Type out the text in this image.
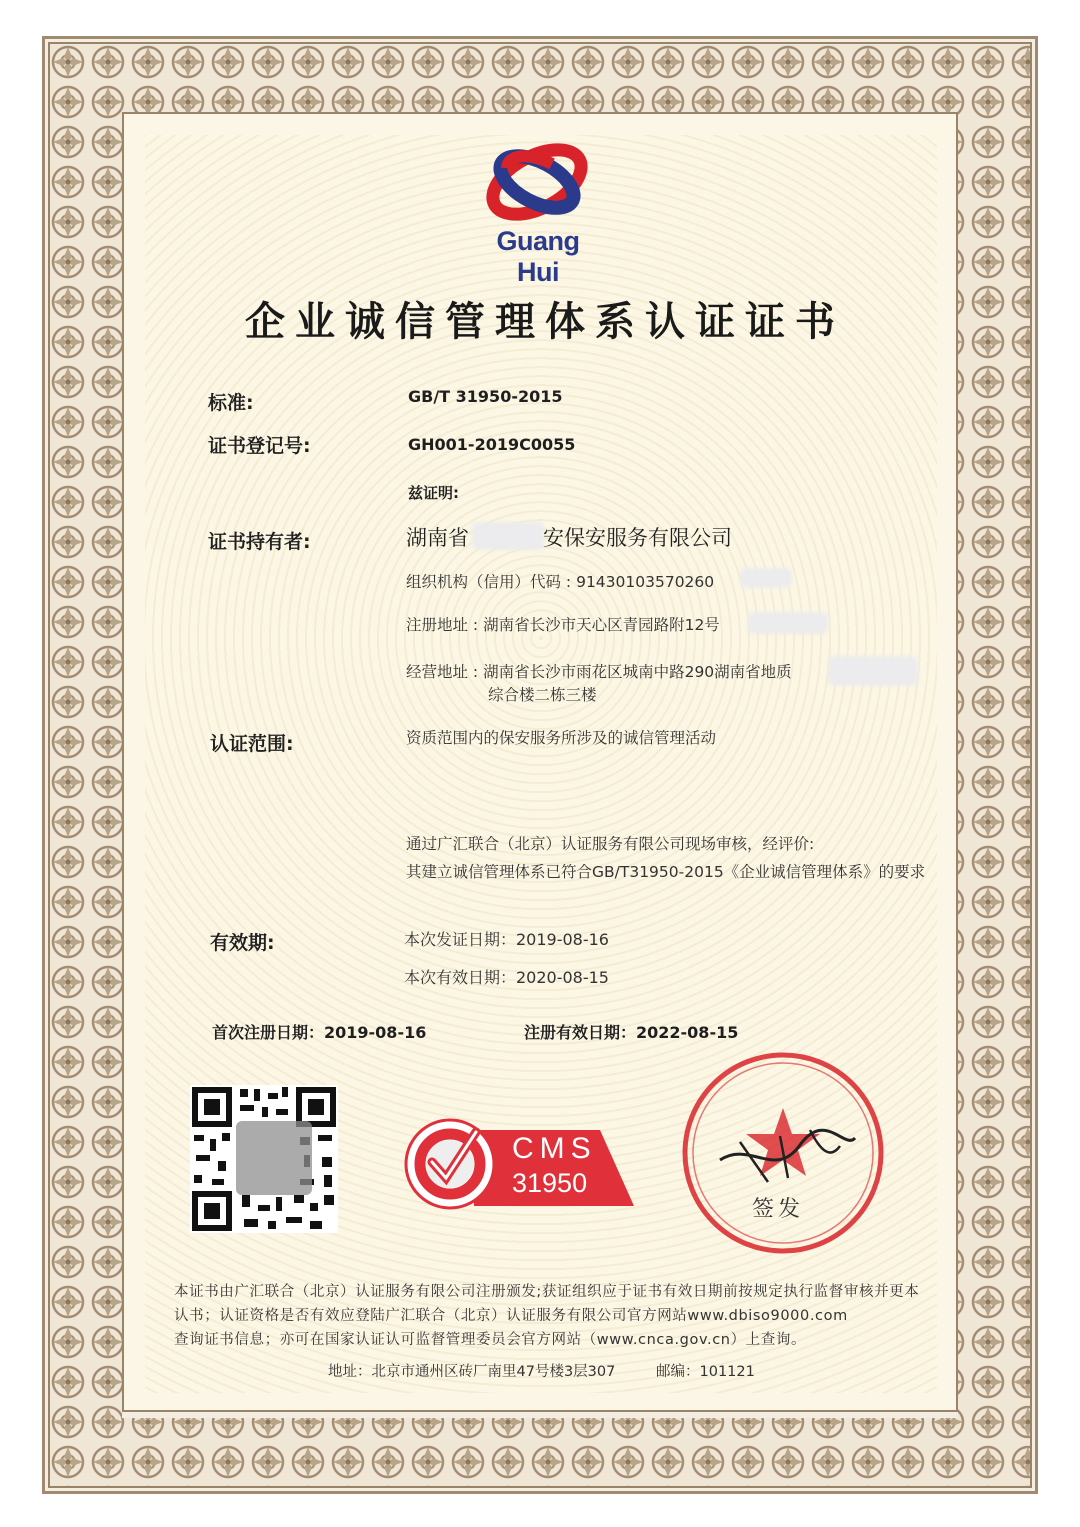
Guang Hui
企业诚信管理体系认证证书
标准:	GB/T 31950-2015
证书登记号:	GH001-2019C0055
兹证明:
证书持有者:	湖南省	安保安服务有限公司
组织机构（信用）代码 : 91430103570260
注册地址 : 湖南省长沙市天心区青园路附12号
经营地址 : 湖南省长沙市雨花区城南中路290湖南省地质
综合楼二栋三楼
认证范围:	资质范围内的保安服务所涉及的诚信管理活动
通过广汇联合（北京）认证服务有限公司现场审核，经评价:
其建立诚信管理体系已符合GB/T31950-2015《企业诚信管理体系》的要求
有效期:	本次发证日期：2019-08-16
本次有效日期：2020-08-15
首次注册日期：2019-08-16	注册有效日期：2022-08-15
CMS
31950
签发
本证书由广汇联合（北京）认证服务有限公司注册颁发;获证组织应于证书有效日期前按规定执行监督审核并更本
认书；认证资格是否有效应登陆广汇联合（北京）认证服务有限公司官方网站www.dbiso9000.com
查询证书信息；亦可在国家认证认可监督管理委员会官方网站（www.cnca.gov.cn）上查询。
地址：北京市通州区砖厂南里47号楼3层307	邮编：101121
